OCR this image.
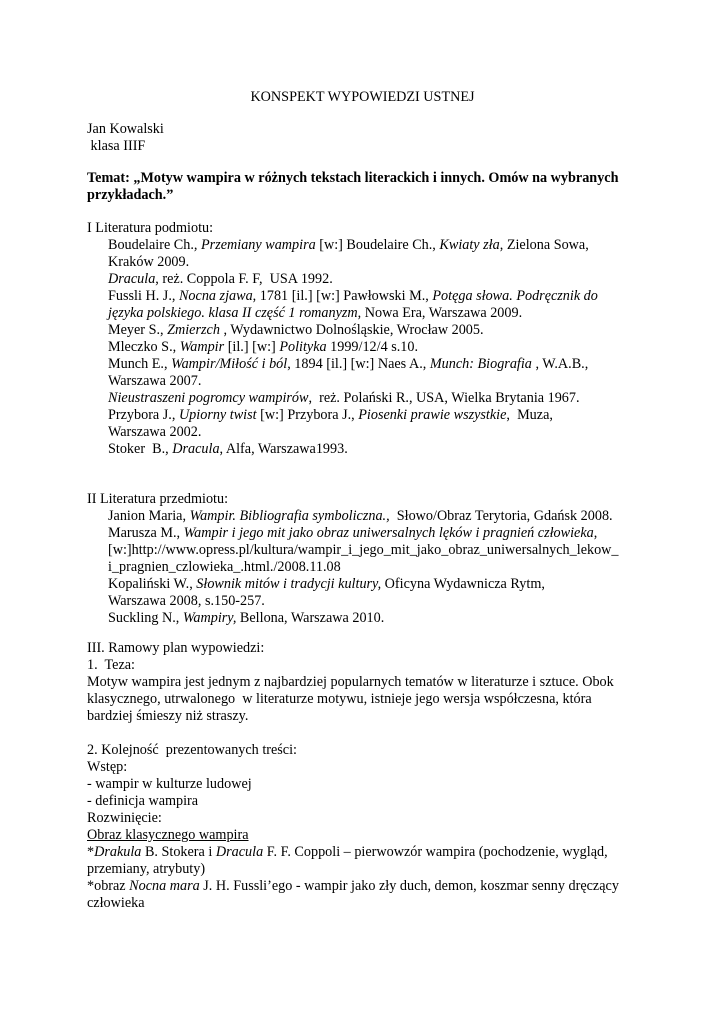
KONSPEKT WYPOWIEDZI USTNEJ
Jan Kowalski
klasa IIIF
Temat: „Motyw wampira w różnych tekstach literackich i innych. Omów na wybranych
przykładach.”
I Literatura podmiotu:
Boudelaire Ch., Przemiany wampira [w:] Boudelaire Ch., Kwiaty zła, Zielona Sowa,
Kraków 2009.
Dracula, reż. Coppola F. F,  USA 1992.
Fussli H. J., Nocna zjawa, 1781 [il.] [w:] Pawłowski M., Potęga słowa. Podręcznik do
języka polskiego. klasa II część 1 romanyzm, Nowa Era, Warszawa 2009.
Meyer S., Zmierzch , Wydawnictwo Dolnośląskie, Wrocław 2005.
Mleczko S., Wampir [il.] [w:] Polityka 1999/12/4 s.10.
Munch E., Wampir/Miłość i ból, 1894 [il.] [w:] Naes A., Munch: Biografia , W.A.B.,
Warszawa 2007.
Nieustraszeni pogromcy wampirów,  reż. Polański R., USA, Wielka Brytania 1967.
Przybora J., Upiorny twist [w:] Przybora J., Piosenki prawie wszystkie,  Muza,
Warszawa 2002.
Stoker  B., Dracula, Alfa, Warszawa1993.
II Literatura przedmiotu:
Janion Maria, Wampir. Bibliografia symboliczna.,  Słowo/Obraz Terytoria, Gdańsk 2008.
Marusza M., Wampir i jego mit jako obraz uniwersalnych lęków i pragnień człowieka,
[w:]http://www.opress.pl/kultura/wampir_i_jego_mit_jako_obraz_uniwersalnych_lekow_
i_pragnien_czlowieka_.html./2008.11.08
Kopaliński W., Słownik mitów i tradycji kultury, Oficyna Wydawnicza Rytm,
Warszawa 2008, s.150-257.
Suckling N., Wampiry, Bellona, Warszawa 2010.
III. Ramowy plan wypowiedzi:
1.  Teza:
Motyw wampira jest jednym z najbardziej popularnych tematów w literaturze i sztuce. Obok
klasycznego, utrwalonego  w literaturze motywu, istnieje jego wersja współczesna, która
bardziej śmieszy niż straszy.
2. Kolejność  prezentowanych treści:
Wstęp:
- wampir w kulturze ludowej
- definicja wampira
Rozwinięcie:
Obraz klasycznego wampira
*Drakula B. Stokera i Dracula F. F. Coppoli – pierwowzór wampira (pochodzenie, wygląd,
przemiany, atrybuty)
*obraz Nocna mara J. H. Fussli’ego - wampir jako zły duch, demon, koszmar senny dręczący
człowieka
